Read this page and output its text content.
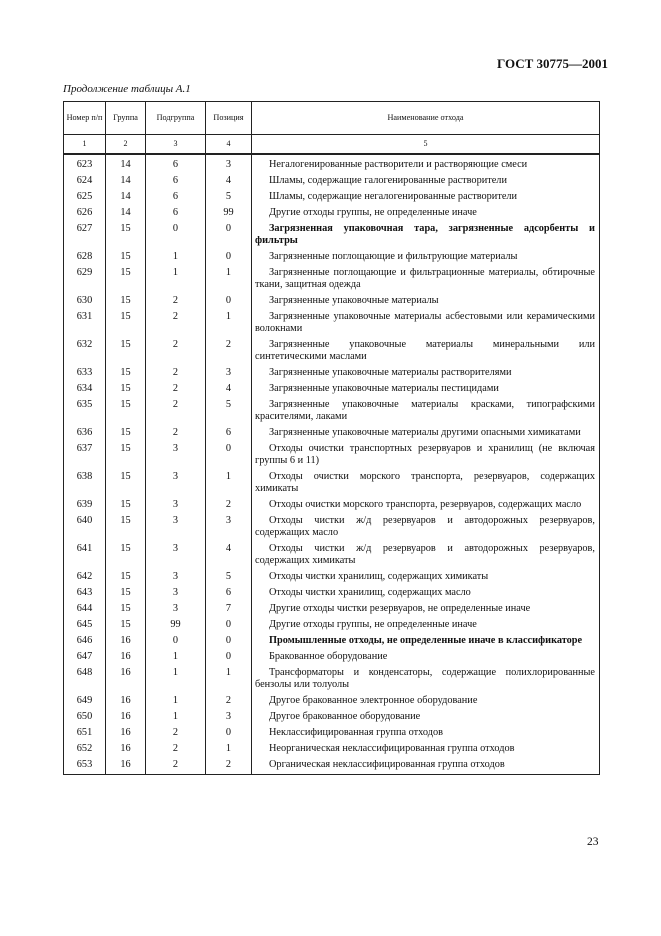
ГОСТ 30775—2001
Продолжение таблицы А.1
Номер п/п	Группа	Подгруппа	Позиция	Наименование отхода
1	2	3	4	5
623	14	6	3	Негалогенированные растворители и растворяющие смеси
624	14	6	4	Шламы, содержащие галогенированные растворители
625	14	6	5	Шламы, содержащие негалогенированные растворители
626	14	6	99	Другие отходы группы, не определенные иначе
627	15	0	0	Загрязненная упаковочная тара, загрязненные адсорбенты и фильтры
628	15	1	0	Загрязненные поглощающие и фильтрующие материалы
629	15	1	1	Загрязненные поглощающие и фильтрационные материалы, обтирочные ткани, защитная одежда
630	15	2	0	Загрязненные упаковочные материалы
631	15	2	1	Загрязненные упаковочные материалы асбестовыми или керамическими волокнами
632	15	2	2	Загрязненные упаковочные материалы минеральными или синтетическими маслами
633	15	2	3	Загрязненные упаковочные материалы растворителями
634	15	2	4	Загрязненные упаковочные материалы пестицидами
635	15	2	5	Загрязненные упаковочные материалы красками, типографскими красителями, лаками
636	15	2	6	Загрязненные упаковочные материалы другими опасными химикатами
637	15	3	0	Отходы очистки транспортных резервуаров и хранилищ (не включая группы 6 и 11)
638	15	3	1	Отходы очистки морского транспорта, резервуаров, содержащих химикаты
639	15	3	2	Отходы очистки морского транспорта, резервуаров, содержащих масло
640	15	3	3	Отходы чистки ж/д резервуаров и автодорожных резервуаров, содержащих масло
641	15	3	4	Отходы чистки ж/д резервуаров и автодорожных резервуаров, содержащих химикаты
642	15	3	5	Отходы чистки хранилищ, содержащих химикаты
643	15	3	6	Отходы чистки хранилищ, содержащих масло
644	15	3	7	Другие отходы чистки резервуаров, не определенные иначе
645	15	99	0	Другие отходы группы, не определенные иначе
646	16	0	0	Промышленные отходы, не определенные иначе в классификаторе
647	16	1	0	Бракованное оборудование
648	16	1	1	Трансформаторы и конденсаторы, содержащие полихлорированные бензолы или толуолы
649	16	1	2	Другое бракованное электронное оборудование
650	16	1	3	Другое бракованное оборудование
651	16	2	0	Неклассифицированная группа отходов
652	16	2	1	Неорганическая неклассифицированная группа отходов
653	16	2	2	Органическая неклассифицированная группа отходов
23
